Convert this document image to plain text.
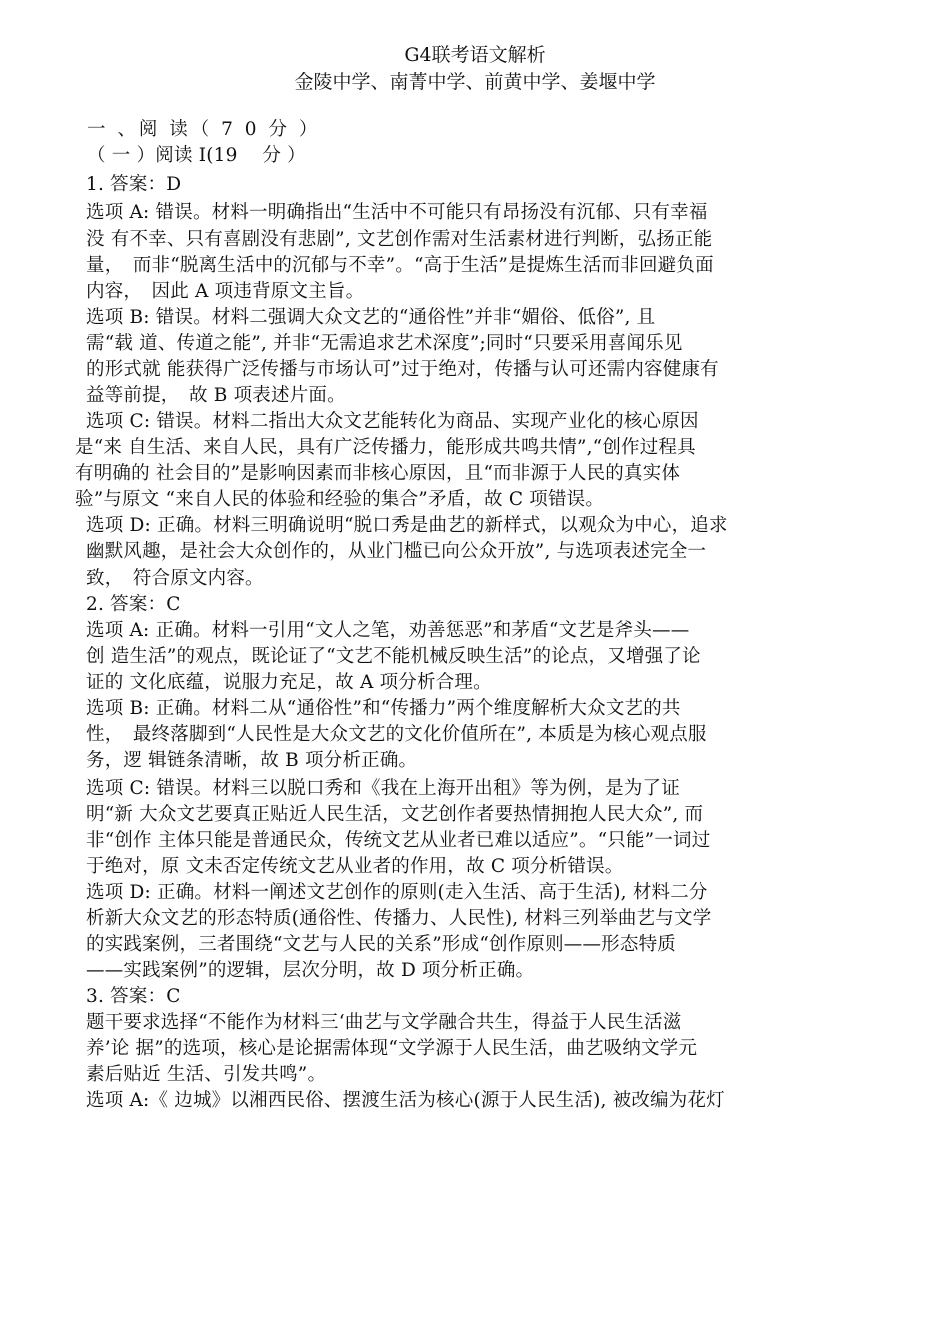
G4联考语文解析
金陵中学、南菁中学、前黄中学、姜堰中学
一 、阅 读（ 7 0 分 ）
（ 一 ）阅读 I(19 　分 ）
1. 答案：D
选项 A: 错误。材料一明确指出“生活中不可能只有昂扬没有沉郁、只有幸福
没 有不幸、只有喜剧没有悲剧”, 文艺创作需对生活素材进行判断，弘扬正能
量，　而非“脱离生活中的沉郁与不幸”。“高于生活”是提炼生活而非回避负面
内容，　因此 A 项违背原文主旨。
选项 B: 错误。材料二强调大众文艺的“通俗性”并非“媚俗、低俗”, 且
需“载 道、传道之能”, 并非“无需追求艺术深度”;同时“只要采用喜闻乐见
的形式就 能获得广泛传播与市场认可”过于绝对，传播与认可还需内容健康有
益等前提，　故 B 项表述片面。
选项 C: 错误。材料二指出大众文艺能转化为商品、实现产业化的核心原因
是“来 自生活、来自人民，具有广泛传播力，能形成共鸣共情”,“创作过程具
有明确的 社会目的”是影响因素而非核心原因，且“而非源于人民的真实体
验”与原文 “来自人民的体验和经验的集合”矛盾，故 C 项错误。
选项 D: 正确。材料三明确说明“脱口秀是曲艺的新样式，以观众为中心，追求
幽默风趣，是社会大众创作的，从业门槛已向公众开放”, 与选项表述完全一
致，　符合原文内容。
2. 答案：C
选项 A: 正确。材料一引用“文人之笔，劝善惩恶”和茅盾“文艺是斧头——
创 造生活”的观点，既论证了“文艺不能机械反映生活”的论点，又增强了论
证的 文化底蕴，说服力充足，故 A 项分析合理。
选项 B: 正确。材料二从“通俗性”和“传播力”两个维度解析大众文艺的共
性，　最终落脚到“人民性是大众文艺的文化价值所在”, 本质是为核心观点服
务，逻 辑链条清晰，故 B 项分析正确。
选项 C: 错误。材料三以脱口秀和《我在上海开出租》等为例，是为了证
明“新 大众文艺要真正贴近人民生活，文艺创作者要热情拥抱人民大众”, 而
非“创作 主体只能是普通民众，传统文艺从业者已难以适应”。“只能”一词过
于绝对，原 文未否定传统文艺从业者的作用，故 C 项分析错误。
选项 D: 正确。材料一阐述文艺创作的原则(走入生活、高于生活), 材料二分
析新大众文艺的形态特质(通俗性、传播力、人民性), 材料三列举曲艺与文学
的实践案例，三者围绕“文艺与人民的关系”形成“创作原则——形态特质
——实践案例”的逻辑，层次分明，故 D 项分析正确。
3. 答案：C
题干要求选择“不能作为材料三‘曲艺与文学融合共生，得益于人民生活滋
养’论 据”的选项，核心是论据需体现“文学源于人民生活，曲艺吸纳文学元
素后贴近 生活、引发共鸣”。
选项 A:《 边城》以湘西民俗、摆渡生活为核心(源于人民生活), 被改编为花灯
